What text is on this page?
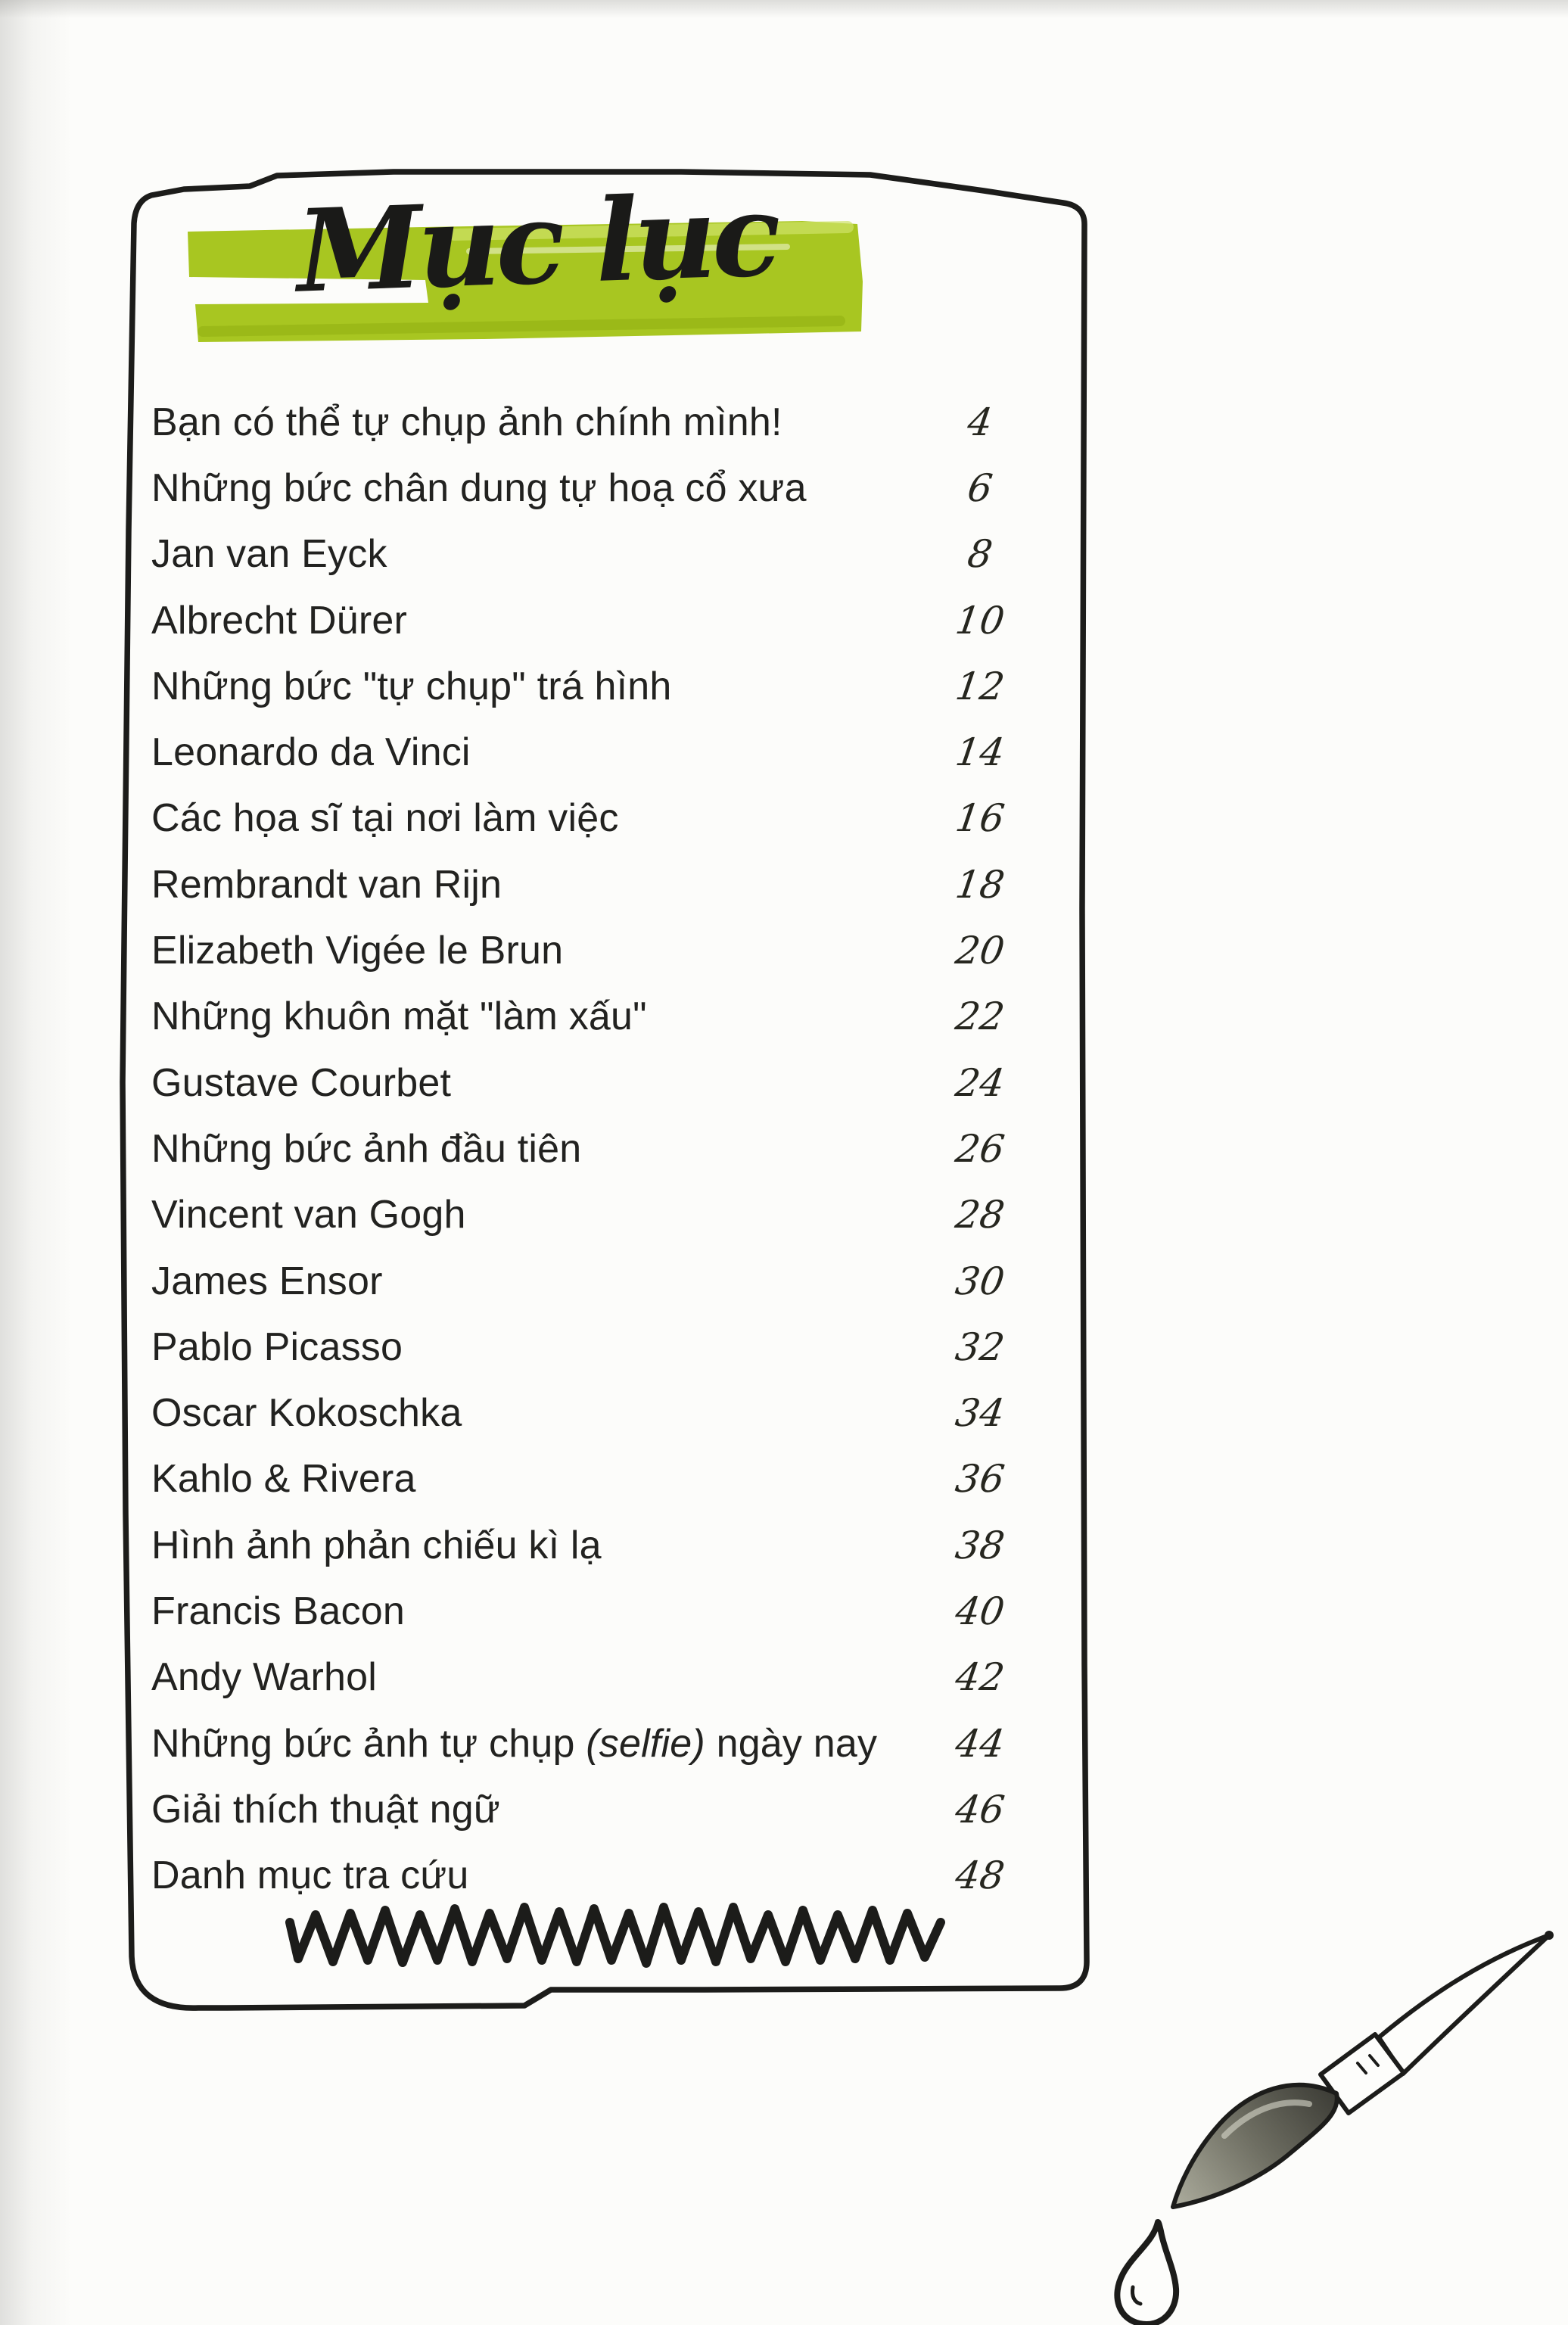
Mục lục
Bạn có thể tự chụp ảnh chính mình!	4
Những bức chân dung tự hoạ cổ xưa	6
Jan van Eyck	8
Albrecht Dürer	10
Những bức "tự chụp" trá hình	12
Leonardo da Vinci	14
Các họa sĩ tại nơi làm việc	16
Rembrandt van Rijn	18
Elizabeth Vigée le Brun	20
Những khuôn mặt "làm xấu"	22
Gustave Courbet	24
Những bức ảnh đầu tiên	26
Vincent van Gogh	28
James Ensor	30
Pablo Picasso	32
Oscar Kokoschka	34
Kahlo & Rivera	36
Hình ảnh phản chiếu kì lạ	38
Francis Bacon	40
Andy Warhol	42
Những bức ảnh tự chụp (selfie) ngày nay	44
Giải thích thuật ngữ	46
Danh mục tra cứu	48
